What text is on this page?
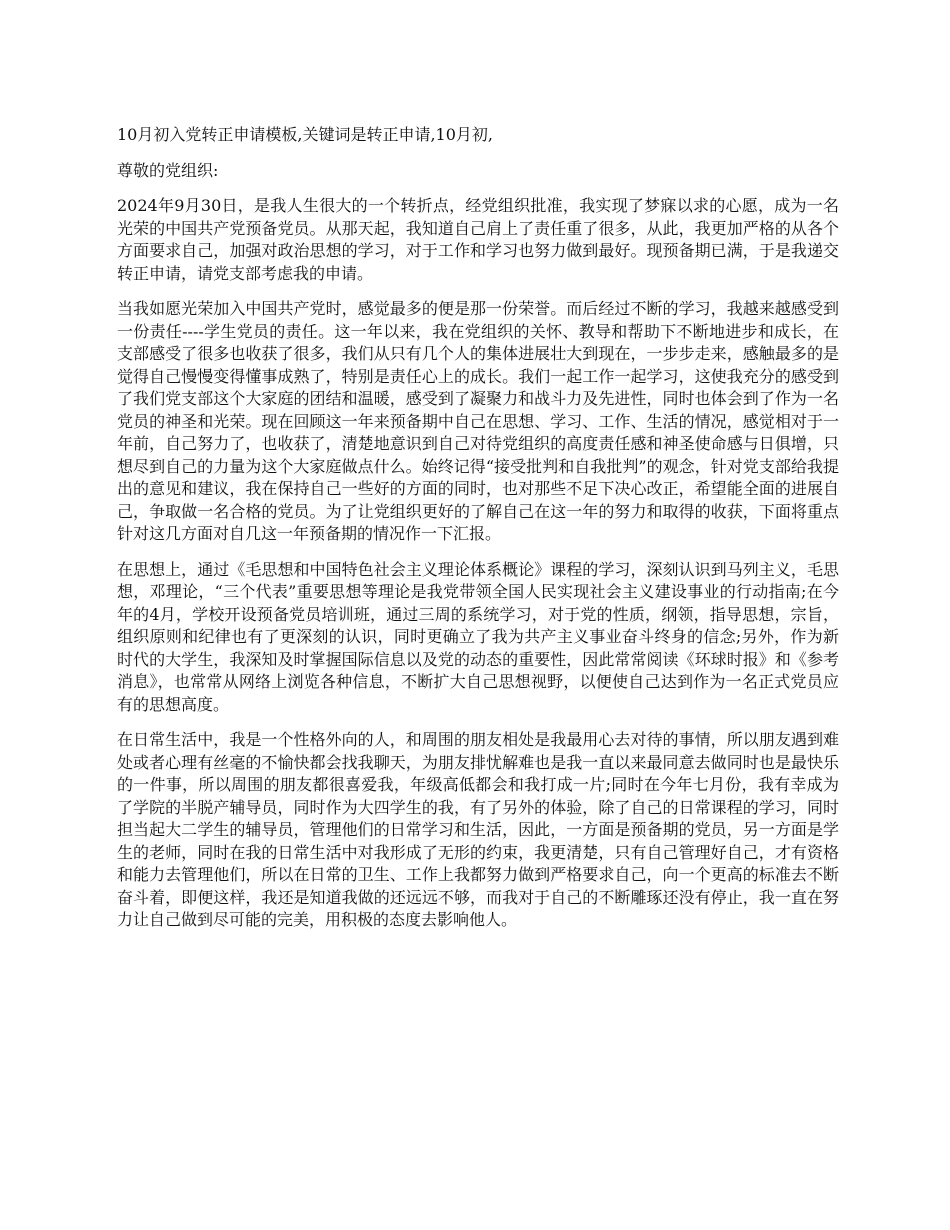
10月初入党转正申请模板,关键词是转正申请,10月初,

尊敬的党组织:

2024年9月30日，是我人生很大的一个转折点，经党组织批准，我实现了梦寐以求的心愿，成为一名光荣的中国共产党预备党员。从那天起，我知道自己肩上了责任重了很多，从此，我更加严格的从各个方面要求自己，加强对政治思想的学习，对于工作和学习也努力做到最好。现预备期已满，于是我递交转正申请，请党支部考虑我的申请。

当我如愿光荣加入中国共产党时，感觉最多的便是那一份荣誉。而后经过不断的学习，我越来越感受到一份责任----学生党员的责任。这一年以来，我在党组织的关怀、教导和帮助下不断地进步和成长，在支部感受了很多也收获了很多，我们从只有几个人的集体进展壮大到现在，一步步走来，感触最多的是觉得自己慢慢变得懂事成熟了，特别是责任心上的成长。我们一起工作一起学习，这使我充分的感受到了我们党支部这个大家庭的团结和温暖，感受到了凝聚力和战斗力及先进性，同时也体会到了作为一名党员的神圣和光荣。现在回顾这一年来预备期中自己在思想、学习、工作、生活的情况，感觉相对于一年前，自己努力了，也收获了，清楚地意识到自己对待党组织的高度责任感和神圣使命感与日俱增，只想尽到自己的力量为这个大家庭做点什么。始终记得“接受批判和自我批判”的观念，针对党支部给我提出的意见和建议，我在保持自己一些好的方面的同时，也对那些不足下决心改正，希望能全面的进展自己，争取做一名合格的党员。为了让党组织更好的了解自己在这一年的努力和取得的收获，下面将重点针对这几方面对自几这一年预备期的情况作一下汇报。

在思想上，通过《毛思想和中国特色社会主义理论体系概论》课程的学习，深刻认识到马列主义，毛思想，邓理论，“三个代表”重要思想等理论是我党带领全国人民实现社会主义建设事业的行动指南;在今年的4月，学校开设预备党员培训班，通过三周的系统学习，对于党的性质，纲领，指导思想，宗旨，组织原则和纪律也有了更深刻的认识，同时更确立了我为共产主义事业奋斗终身的信念;另外，作为新时代的大学生，我深知及时掌握国际信息以及党的动态的重要性，因此常常阅读《环球时报》和《参考消息》，也常常从网络上浏览各种信息，不断扩大自己思想视野，以便使自己达到作为一名正式党员应有的思想高度。

在日常生活中，我是一个性格外向的人，和周围的朋友相处是我最用心去对待的事情，所以朋友遇到难处或者心理有丝毫的不愉快都会找我聊天，为朋友排忧解难也是我一直以来最同意去做同时也是最快乐的一件事，所以周围的朋友都很喜爱我，年级高低都会和我打成一片;同时在今年七月份，我有幸成为了学院的半脱产辅导员，同时作为大四学生的我，有了另外的体验，除了自己的日常课程的学习，同时担当起大二学生的辅导员，管理他们的日常学习和生活，因此，一方面是预备期的党员，另一方面是学生的老师，同时在我的日常生活中对我形成了无形的约束，我更清楚，只有自己管理好自己，才有资格和能力去管理他们，所以在日常的卫生、工作上我都努力做到严格要求自己，向一个更高的标准去不断奋斗着，即便这样，我还是知道我做的还远远不够，而我对于自己的不断雕琢还没有停止，我一直在努力让自己做到尽可能的完美，用积极的态度去影响他人。
